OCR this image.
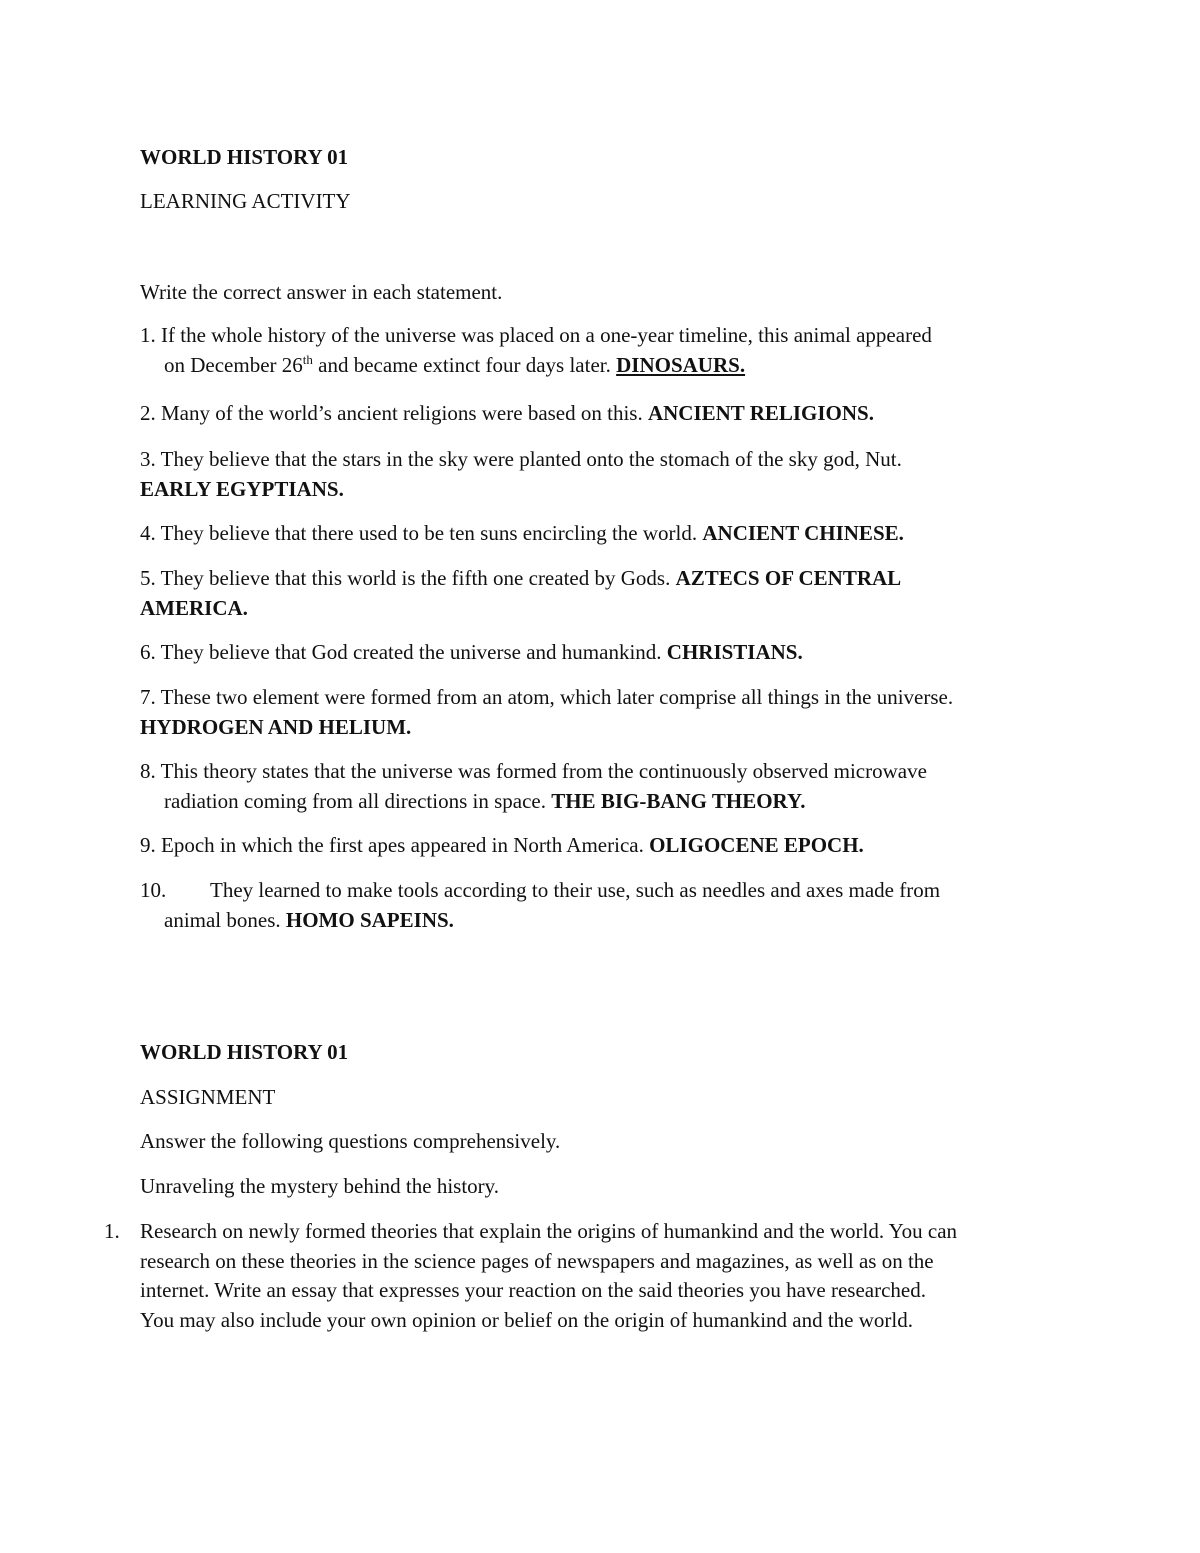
WORLD HISTORY 01

LEARNING ACTIVITY

Write the correct answer in each statement.

1. If the whole history of the universe was placed on a one-year timeline, this animal appeared

on December 26th and became extinct four days later. DINOSAURS.

2. Many of the world’s ancient religions were based on this. ANCIENT RELIGIONS.

3. They believe that the stars in the sky were planted onto the stomach of the sky god, Nut.

EARLY EGYPTIANS.

4. They believe that there used to be ten suns encircling the world. ANCIENT CHINESE.

5. They believe that this world is the fifth one created by Gods. AZTECS OF CENTRAL

AMERICA.

6. They believe that God created the universe and humankind. CHRISTIANS.

7. These two element were formed from an atom, which later comprise all things in the universe.

HYDROGEN AND HELIUM.

8. This theory states that the universe was formed from the continuously observed microwave

radiation coming from all directions in space. THE BIG-BANG THEORY.

9. Epoch in which the first apes appeared in North America. OLIGOCENE EPOCH.

10. They learned to make tools according to their use, such as needles and axes made from

animal bones. HOMO SAPEINS.

WORLD HISTORY 01

ASSIGNMENT

Answer the following questions comprehensively.

Unraveling the mystery behind the history.

1. Research on newly formed theories that explain the origins of humankind and the world. You can

research on these theories in the science pages of newspapers and magazines, as well as on the

internet. Write an essay that expresses your reaction on the said theories you have researched.

You may also include your own opinion or belief on the origin of humankind and the world.
